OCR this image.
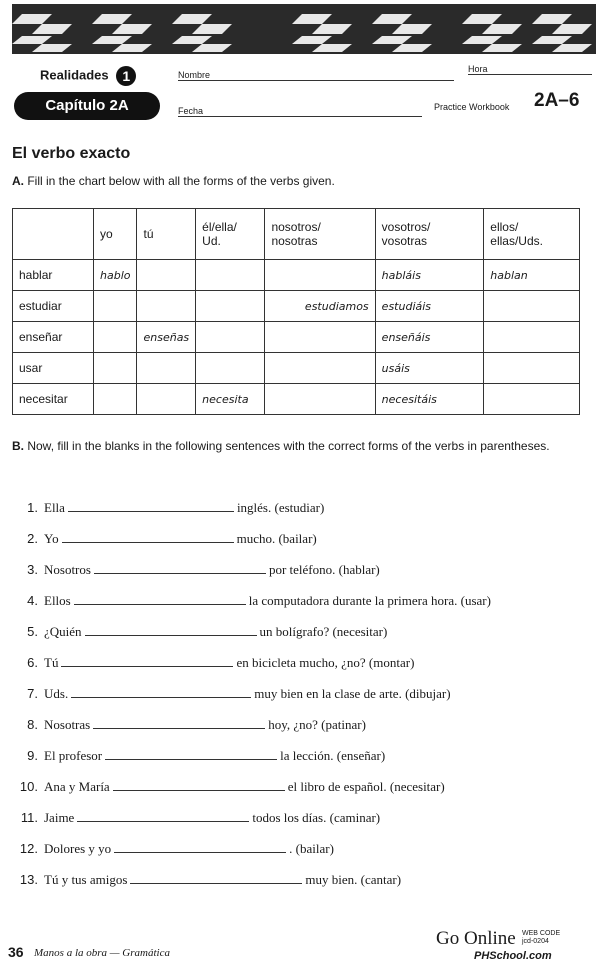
Realidades 1
Capítulo 2A
Nombre
Hora
Fecha	Practice Workbook 2A–6
El verbo exacto
A. Fill in the chart below with all the forms of the verbs given.
	yo	tú	él/ella/ Ud.	nosotros/ nosotras	vosotros/ vosotras	ellos/ ellas/Uds.
hablar	hablo				habláis	hablan
estudiar				estudiamos	estudiáis	
enseñar		enseñas			enseñáis	
usar					usáis	
necesitar			necesita		necesitáis	
B. Now, fill in the blanks in the following sentences with the correct forms of the verbs in parentheses.
1. Ella	inglés. (estudiar)
2. Yo	mucho. (bailar)
3. Nosotros	por teléfono. (hablar)
4. Ellos	la computadora durante la primera hora. (usar)
5. ¿Quién	un bolígrafo? (necesitar)
6. Tú	en bicicleta mucho, ¿no? (montar)
7. Uds.	muy bien en la clase de arte. (dibujar)
8. Nosotras	hoy, ¿no? (patinar)
9. El profesor	la lección. (enseñar)
10. Ana y María	el libro de español. (necesitar)
11. Jaime	todos los días. (caminar)
12. Dolores y yo	. (bailar)
13. Tú y tus amigos	muy bien. (cantar)
36 Manos a la obra — Gramática
Go Online WEB CODE
jcd-0204
PHSchool.com
